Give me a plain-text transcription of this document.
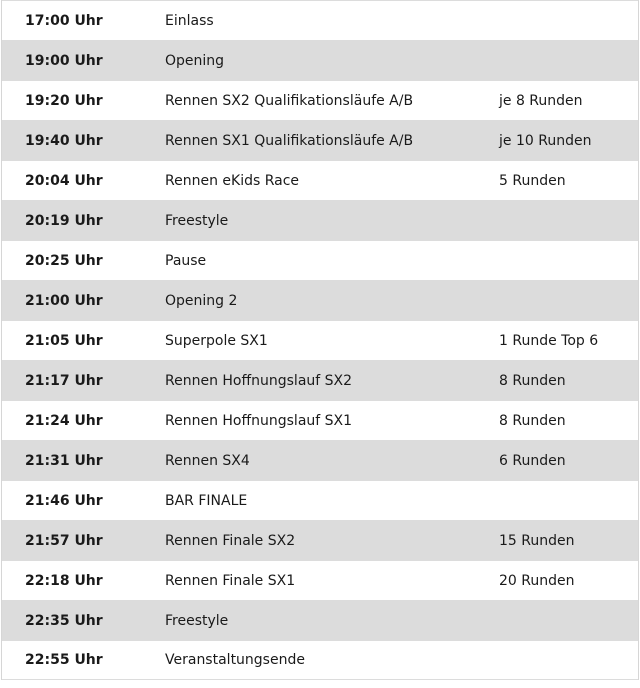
17:00 Uhr	Einlass
19:00 Uhr	Opening
19:20 Uhr	Rennen SX2 Qualifikationsläufe A/B	je 8 Runden
19:40 Uhr	Rennen SX1 Qualifikationsläufe A/B	je 10 Runden
20:04 Uhr	Rennen eKids Race	5 Runden
20:19 Uhr	Freestyle
20:25 Uhr	Pause
21:00 Uhr	Opening 2
21:05 Uhr	Superpole SX1	1 Runde Top 6
21:17 Uhr	Rennen Hoffnungslauf SX2	8 Runden
21:24 Uhr	Rennen Hoffnungslauf SX1	8 Runden
21:31 Uhr	Rennen SX4	6 Runden
21:46 Uhr	BAR FINALE
21:57 Uhr	Rennen Finale SX2	15 Runden
22:18 Uhr	Rennen Finale SX1	20 Runden
22:35 Uhr	Freestyle
22:55 Uhr	Veranstaltungsende
